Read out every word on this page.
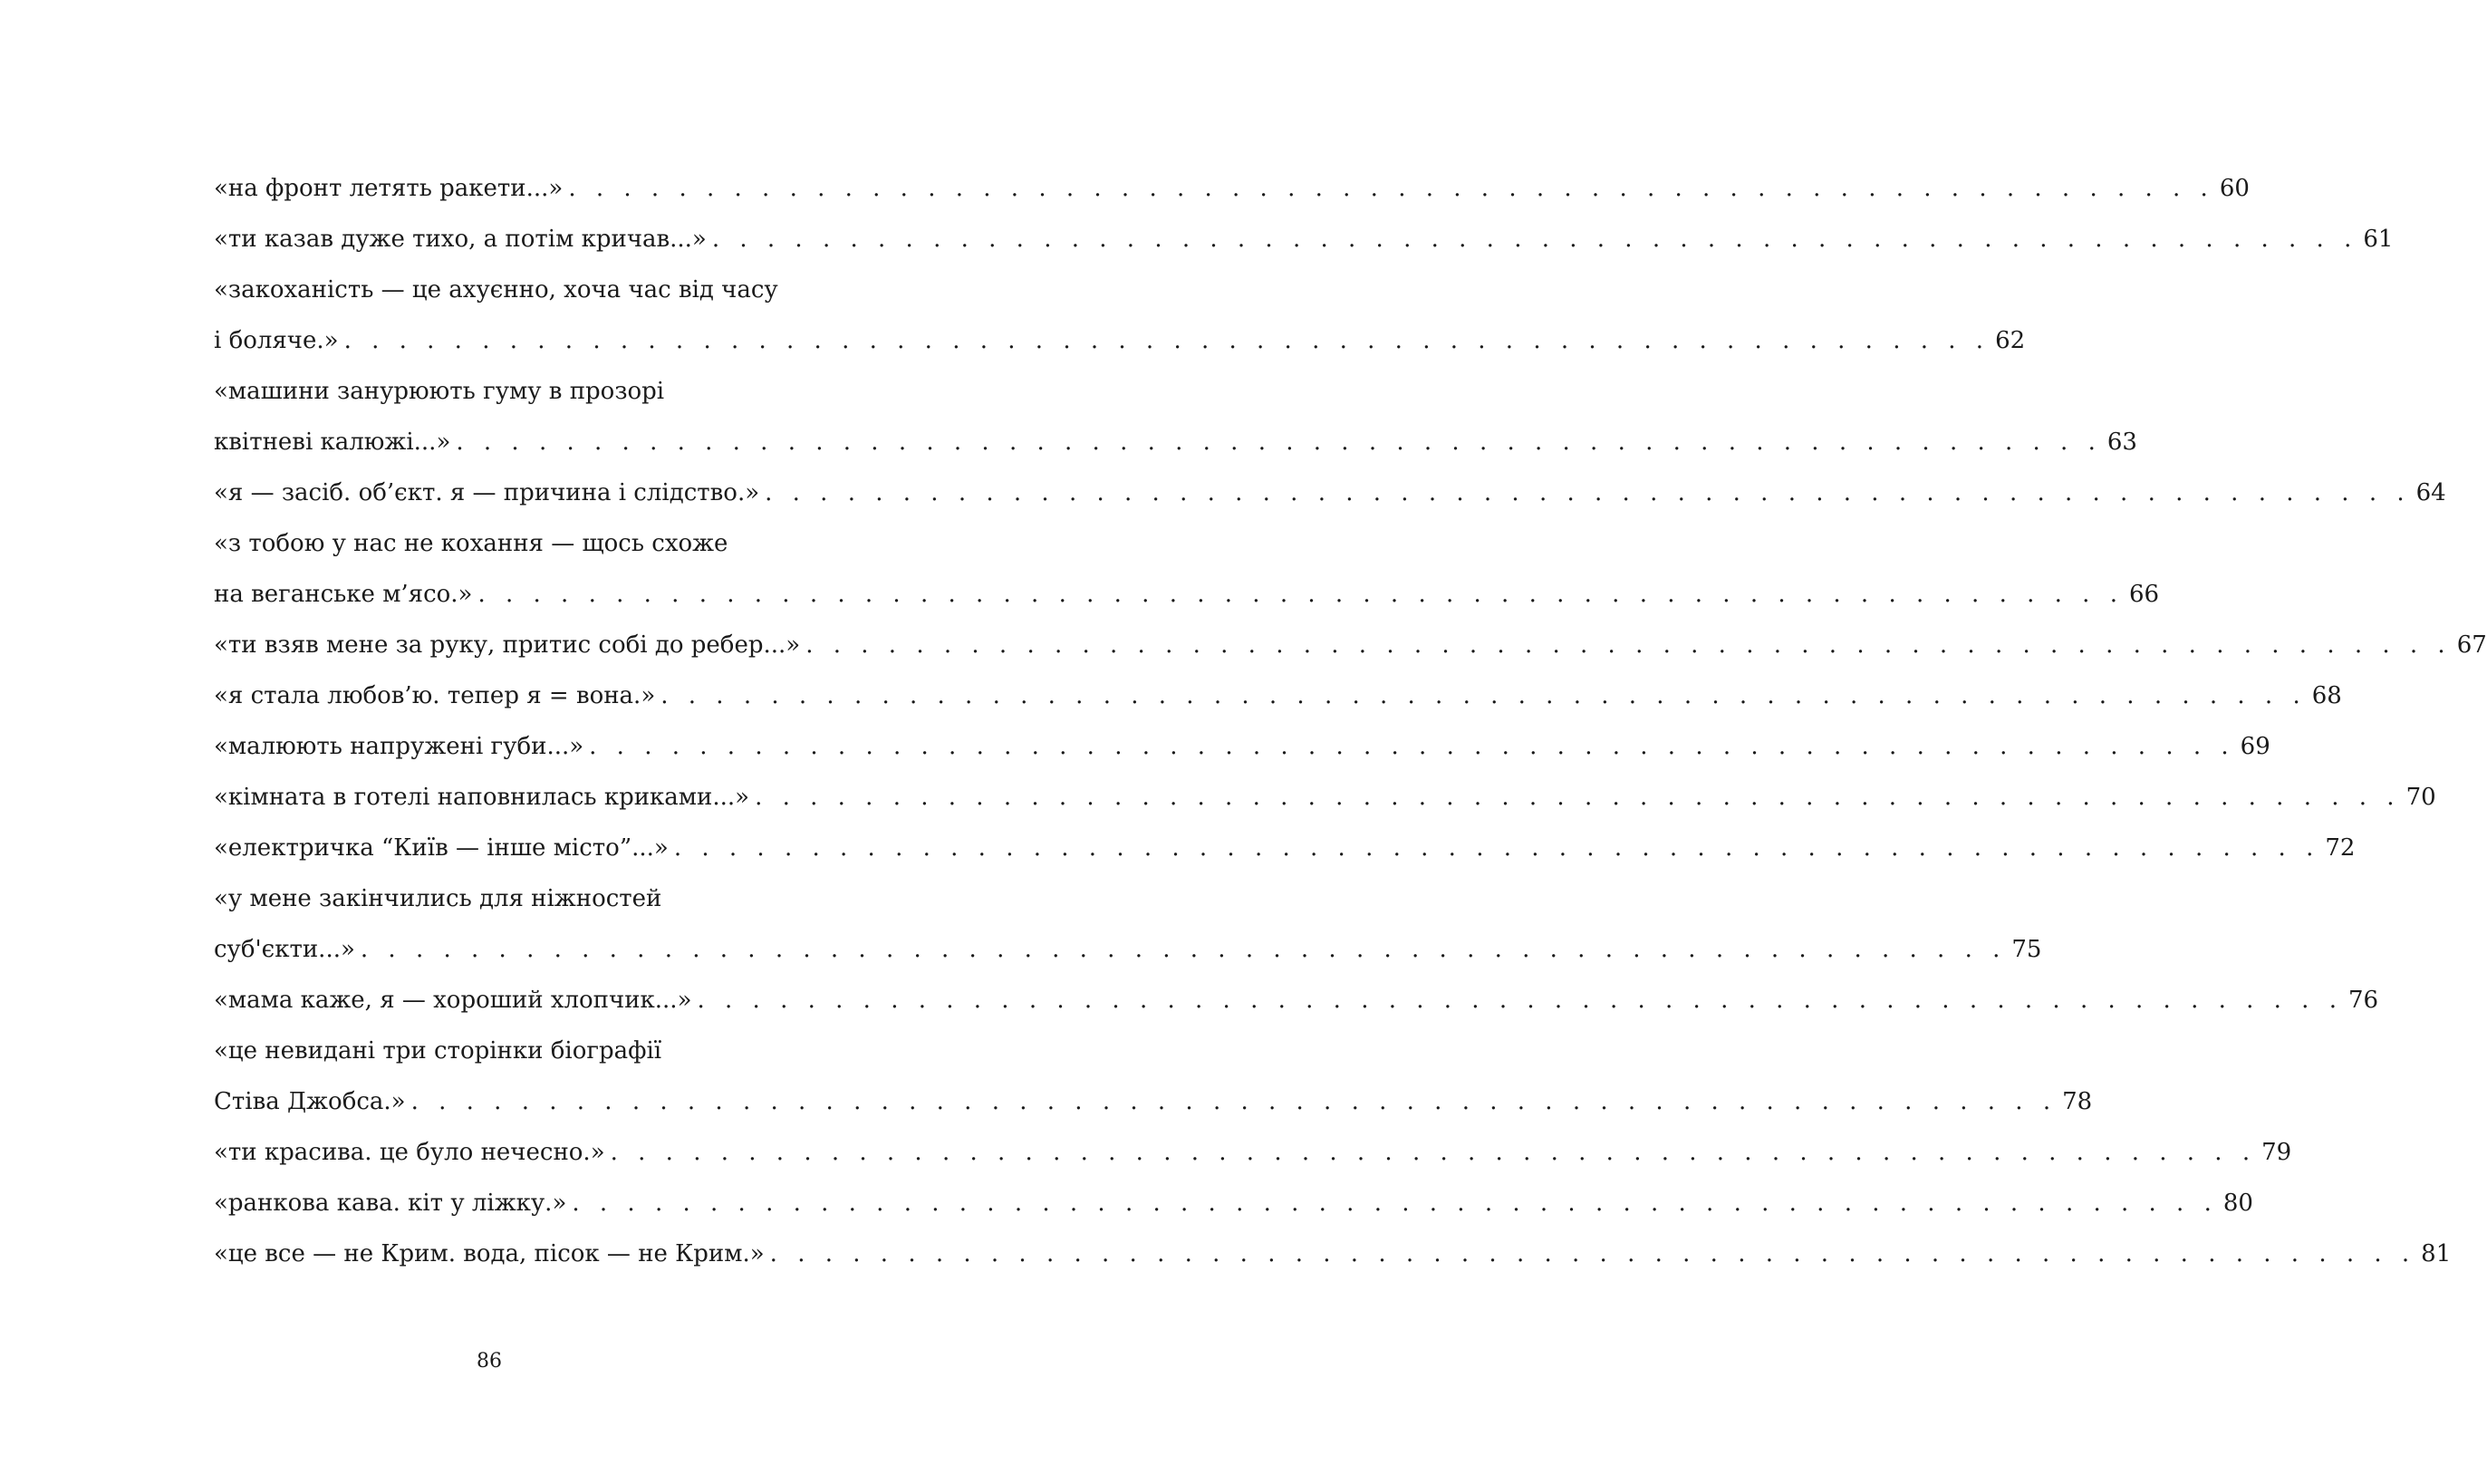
«на фронт летять ракети...» . . . . . . . . . . . . . . . . . . . . . . . . . . . . . . . . . . . . . . . . . . . . . . . . . . . . . . . . . . . . 60
«ти казав дуже тихо, а потім кричав...» . . . . . . . . . . . . . . . . . . . . . . . . . . . . . . . . . . . . . . . . . . . . . . . . . . . . . . . . . . . . 61
«закоханість — це ахуєнно, хоча час від часу
і боляче.» . . . . . . . . . . . . . . . . . . . . . . . . . . . . . . . . . . . . . . . . . . . . . . . . . . . . . . . . . . . . 62
«машини занурюють гуму в прозорі
квітневі калюжі...» . . . . . . . . . . . . . . . . . . . . . . . . . . . . . . . . . . . . . . . . . . . . . . . . . . . . . . . . . . . . 63
«я — засіб. об’єкт. я — причина і слідство.» . . . . . . . . . . . . . . . . . . . . . . . . . . . . . . . . . . . . . . . . . . . . . . . . . . . . . . . . . . . . 64
«з тобою у нас не кохання — щось схоже
на веганське м’ясо.» . . . . . . . . . . . . . . . . . . . . . . . . . . . . . . . . . . . . . . . . . . . . . . . . . . . . . . . . . . . . 66
«ти взяв мене за руку, притис собі до ребер...» . . . . . . . . . . . . . . . . . . . . . . . . . . . . . . . . . . . . . . . . . . . . . . . . . . . . . . . . . . . . 67
«я стала любов’ю. тепер я = вона.» . . . . . . . . . . . . . . . . . . . . . . . . . . . . . . . . . . . . . . . . . . . . . . . . . . . . . . . . . . . . 68
«малюють напружені губи...» . . . . . . . . . . . . . . . . . . . . . . . . . . . . . . . . . . . . . . . . . . . . . . . . . . . . . . . . . . . . 69
«кімната в готелі наповнилась криками...» . . . . . . . . . . . . . . . . . . . . . . . . . . . . . . . . . . . . . . . . . . . . . . . . . . . . . . . . . . . . 70
«електричка “Київ — інше місто”...» . . . . . . . . . . . . . . . . . . . . . . . . . . . . . . . . . . . . . . . . . . . . . . . . . . . . . . . . . . . . 72
«у мене закінчились для ніжностей
суб'єкти...» . . . . . . . . . . . . . . . . . . . . . . . . . . . . . . . . . . . . . . . . . . . . . . . . . . . . . . . . . . . . 75
«мама каже, я — хороший хлопчик...» . . . . . . . . . . . . . . . . . . . . . . . . . . . . . . . . . . . . . . . . . . . . . . . . . . . . . . . . . . . . 76
«це невидані три сторінки біографії
Стіва Джобса.» . . . . . . . . . . . . . . . . . . . . . . . . . . . . . . . . . . . . . . . . . . . . . . . . . . . . . . . . . . . . 78
«ти красива. це було нечесно.» . . . . . . . . . . . . . . . . . . . . . . . . . . . . . . . . . . . . . . . . . . . . . . . . . . . . . . . . . . . . 79
«ранкова кава. кіт у ліжку.» . . . . . . . . . . . . . . . . . . . . . . . . . . . . . . . . . . . . . . . . . . . . . . . . . . . . . . . . . . . . 80
«це все — не Крим. вода, пісок — не Крим.» . . . . . . . . . . . . . . . . . . . . . . . . . . . . . . . . . . . . . . . . . . . . . . . . . . . . . . . . . . . . 81
86
